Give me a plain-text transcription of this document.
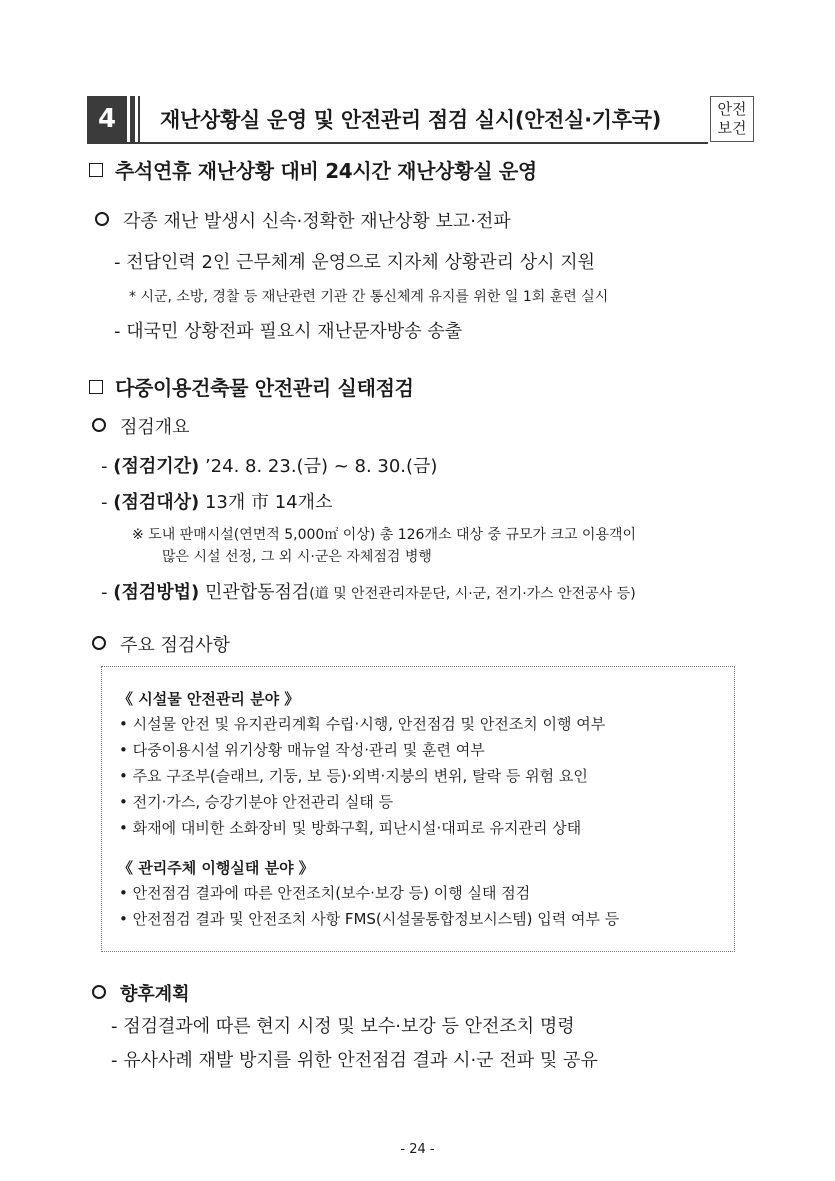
4 재난상황실 운영 및 안전관리 점검 실시(안전실·기후국)	안전
보건
추석연휴 재난상황 대비 24시간 재난상황실 운영
각종 재난 발생시 신속·정확한 재난상황 보고·전파
- 전담인력 2인 근무체계 운영으로 지자체 상황관리 상시 지원
* 시군, 소방, 경찰 등 재난관련 기관 간 통신체계 유지를 위한 일 1회 훈련 실시
- 대국민 상황전파 필요시 재난문자방송 송출
다중이용건축물 안전관리 실태점검
점검개요
- (점검기간) ’24. 8. 23.(금) ~ 8. 30.(금)
- (점검대상) 13개 市 14개소
※ 도내 판매시설(연면적 5,000㎡ 이상) 총 126개소 대상 중 규모가 크고 이용객이
많은 시설 선정, 그 외 시·군은 자체점검 병행
- (점검방법) 민관합동점검(道 및 안전관리자문단, 시·군, 전기·가스 안전공사 등)
주요 점검사항
《 시설물 안전관리 분야 》
• 시설물 안전 및 유지관리계획 수립·시행, 안전점검 및 안전조치 이행 여부
• 다중이용시설 위기상황 매뉴얼 작성·관리 및 훈련 여부
• 주요 구조부(슬래브, 기둥, 보 등)·외벽·지붕의 변위, 탈락 등 위험 요인
• 전기·가스, 승강기분야 안전관리 실태 등
• 화재에 대비한 소화장비 및 방화구획, 피난시설·대피로 유지관리 상태
《 관리주체 이행실태 분야 》
• 안전점검 결과에 따른 안전조치(보수·보강 등) 이행 실태 점검
• 안전점검 결과 및 안전조치 사항 FMS(시설물통합정보시스템) 입력 여부 등
향후계획
- 점검결과에 따른 현지 시정 및 보수·보강 등 안전조치 명령
- 유사사례 재발 방지를 위한 안전점검 결과 시·군 전파 및 공유
- 24 -
